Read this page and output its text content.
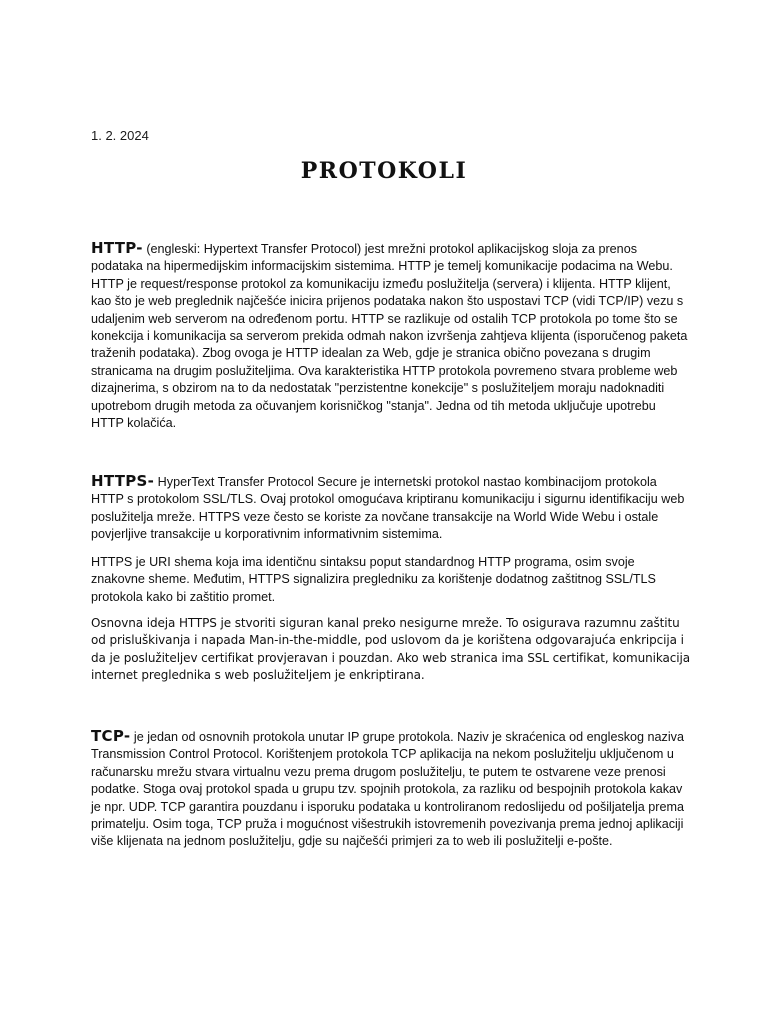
1. 2. 2024
PROTOKOLI

HTTP- (engleski: Hypertext Transfer Protocol) jest mrežni protokol aplikacijskog sloja za prenos podataka na hipermedijskim informacijskim sistemima. HTTP je temelj komunikacije podacima na Webu. HTTP je request/response protokol za komunikaciju između poslužitelja (servera) i klijenta. HTTP klijent, kao što je web preglednik najčešće inicira prijenos podataka nakon što uspostavi TCP (vidi TCP/IP) vezu s udaljenim web serverom na određenom portu. HTTP se razlikuje od ostalih TCP protokola po tome što se konekcija i komunikacija sa serverom prekida odmah nakon izvršenja zahtjeva klijenta (isporučenog paketa traženih podataka). Zbog ovoga je HTTP idealan za Web, gdje je stranica obično povezana s drugim stranicama na drugim poslužiteljima. Ova karakteristika HTTP protokola povremeno stvara probleme web dizajnerima, s obzirom na to da nedostatak "perzistentne konekcije" s poslužiteljem moraju nadoknaditi upotrebom drugih metoda za očuvanjem korisničkog "stanja". Jedna od tih metoda uključuje upotrebu HTTP kolačića.

HTTPS- HyperText Transfer Protocol Secure je internetski protokol nastao kombinacijom protokola HTTP s protokolom SSL/TLS. Ovaj protokol omogućava kriptiranu komunikaciju i sigurnu identifikaciju web poslužitelja mreže. HTTPS veze često se koriste za novčane transakcije na World Wide Webu i ostale povjerljive transakcije u korporativnim informativnim sistemima.

HTTPS je URI shema koja ima identičnu sintaksu poput standardnog HTTP programa, osim svoje znakovne sheme. Međutim, HTTPS signalizira pregledniku za korištenje dodatnog zaštitnog SSL/TLS protokola kako bi zaštitio promet.

Osnovna ideja HTTPS je stvoriti siguran kanal preko nesigurne mreže. To osigurava razumnu zaštitu od prisluškivanja i napada Man-in-the-middle, pod uslovom da je korištena odgovarajuća enkripcija i da je poslužiteljev certifikat provjeravan i pouzdan. Ako web stranica ima SSL certifikat, komunikacija internet preglednika s web poslužiteljem je enkriptirana.

TCP- je jedan od osnovnih protokola unutar IP grupe protokola. Naziv je skraćenica od engleskog naziva Transmission Control Protocol. Korištenjem protokola TCP aplikacija na nekom poslužitelju uključenom u računarsku mrežu stvara virtualnu vezu prema drugom poslužitelju, te putem te ostvarene veze prenosi podatke. Stoga ovaj protokol spada u grupu tzv. spojnih protokola, za razliku od bespojnih protokola kakav je npr. UDP. TCP garantira pouzdanu i isporuku podataka u kontroliranom redoslijedu od pošiljatelja prema primatelju. Osim toga, TCP pruža i mogućnost višestrukih istovremenih povezivanja prema jednoj aplikaciji više klijenata na jednom poslužitelju, gdje su najčešći primjeri za to web ili poslužitelji e-pošte.
